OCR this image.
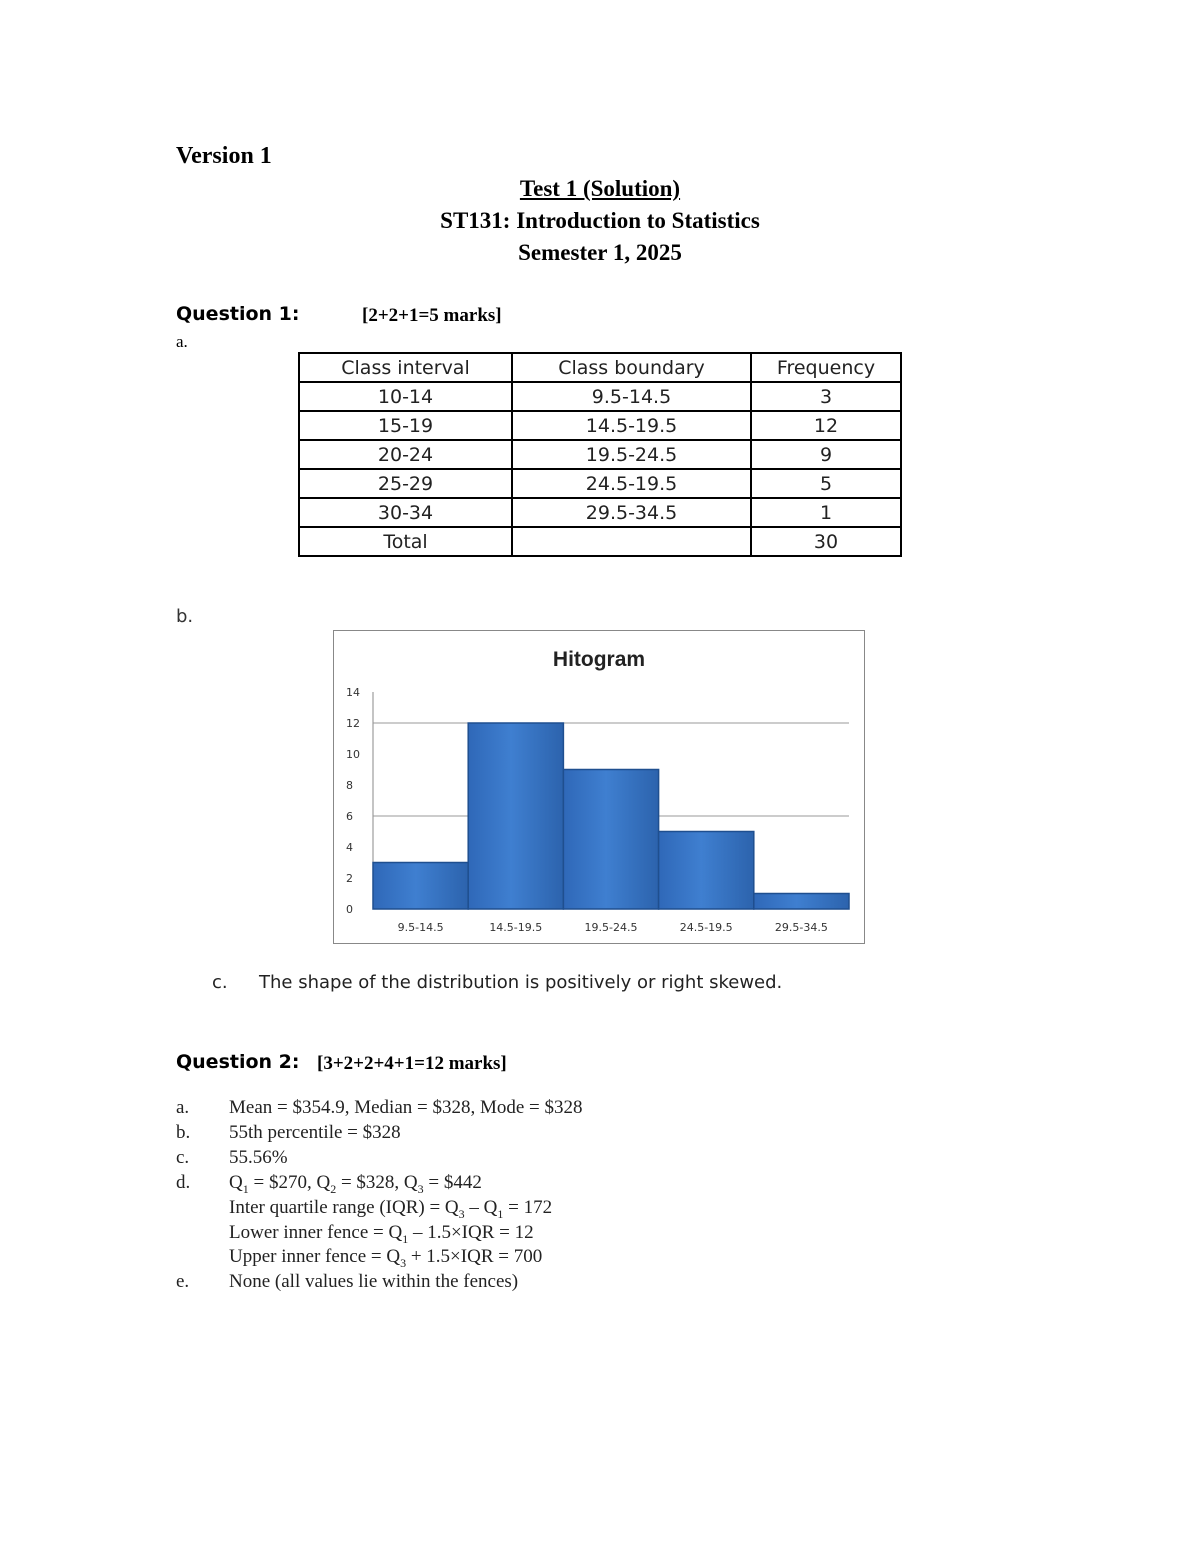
Version 1
Test 1 (Solution)
ST131: Introduction to Statistics
Semester 1, 2025
Question 1:	[2+2+1=5 marks]
a.
Class interval	Class boundary	Frequency
10-14	9.5-14.5	3
15-19	14.5-19.5	12
20-24	19.5-24.5	9
25-29	24.5-19.5	5
30-34	29.5-34.5	1
Total		30
b.
Hitogram
0
2
4
6
8
10
12
14
9.5-14.5	14.5-19.5	19.5-24.5	24.5-19.5	29.5-34.5
c. The shape of the distribution is positively or right skewed.
Question 2: [3+2+2+4+1=12 marks]
a. Mean = $354.9, Median = $328, Mode = $328
b. 55th percentile = $328
c. 55.56%
d. $Q_1$ = $270, $Q_2$ = $328, $Q_3$ = $442
Inter quartile range $(IQR) = Q_3 - Q_1 = 172$
Lower inner fence = $Q_1 - 1.5\times IQR = 12$
Upper inner fence = $Q_3 + 1.5\times IQR = 700$
e. None (all values lie within the fences)
